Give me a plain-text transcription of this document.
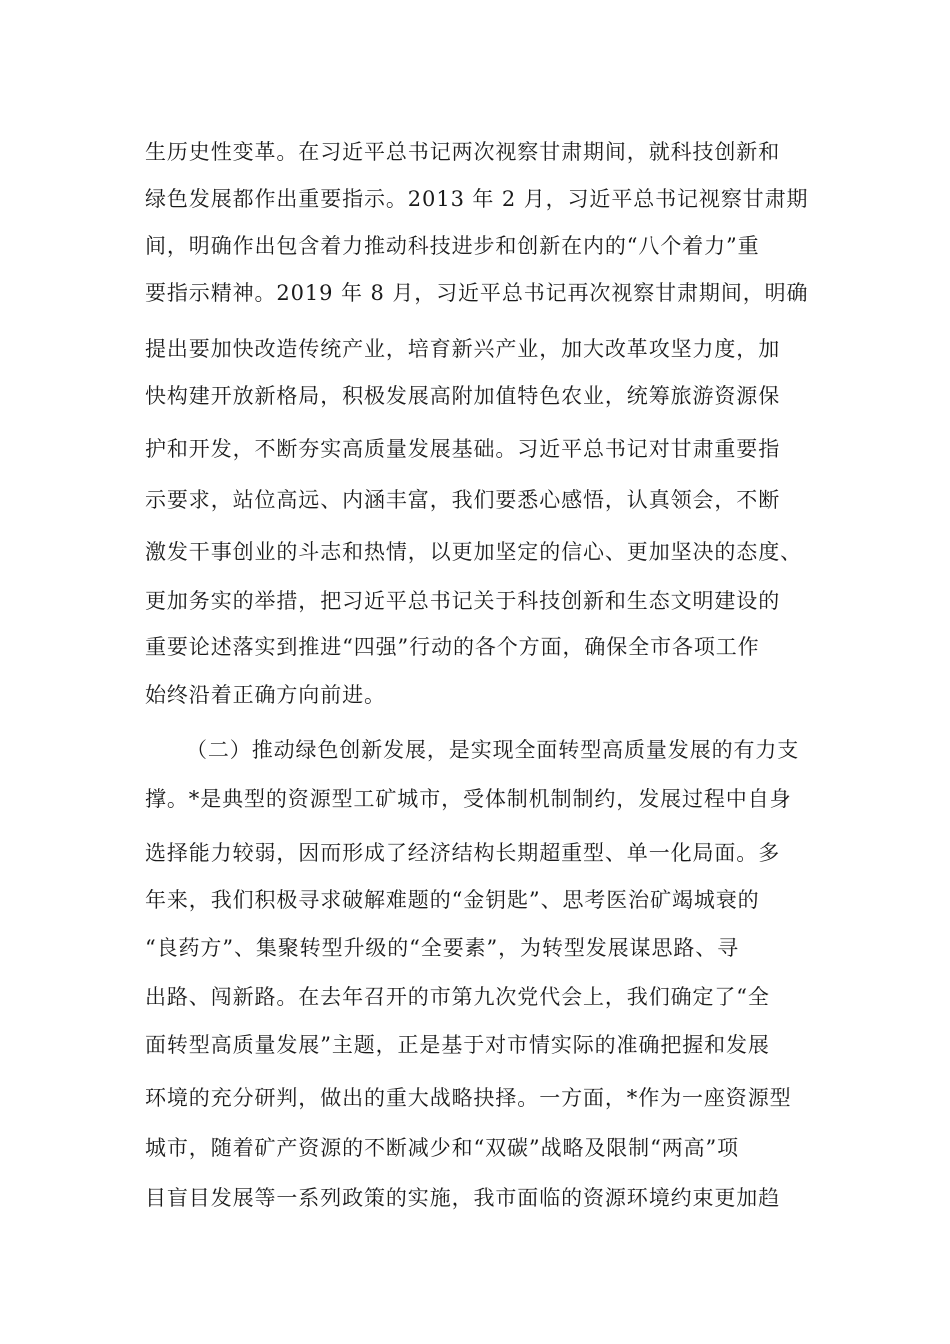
生历史性变革。在习近平总书记两次视察甘肃期间，就科技创新和
绿色发展都作出重要指示。2013 年 2 月，习近平总书记视察甘肃期
间，明确作出包含着力推动科技进步和创新在内的“八个着力”重
要指示精神。2019 年 8 月，习近平总书记再次视察甘肃期间，明确
提出要加快改造传统产业，培育新兴产业，加大改革攻坚力度，加
快构建开放新格局，积极发展高附加值特色农业，统筹旅游资源保
护和开发，不断夯实高质量发展基础。习近平总书记对甘肃重要指
示要求，站位高远、内涵丰富，我们要悉心感悟，认真领会，不断
激发干事创业的斗志和热情，以更加坚定的信心、更加坚决的态度、
更加务实的举措，把习近平总书记关于科技创新和生态文明建设的
重要论述落实到推进“四强”行动的各个方面，确保全市各项工作
始终沿着正确方向前进。
（二）推动绿色创新发展，是实现全面转型高质量发展的有力支
撑。*是典型的资源型工矿城市，受体制机制制约，发展过程中自身
选择能力较弱，因而形成了经济结构长期超重型、单一化局面。多
年来，我们积极寻求破解难题的“金钥匙”、思考医治矿竭城衰的
“良药方”、集聚转型升级的“全要素”，为转型发展谋思路、寻
出路、闯新路。在去年召开的市第九次党代会上，我们确定了“全
面转型高质量发展”主题，正是基于对市情实际的准确把握和发展
环境的充分研判，做出的重大战略抉择。一方面，*作为一座资源型
城市，随着矿产资源的不断减少和“双碳”战略及限制“两高”项
目盲目发展等一系列政策的实施，我市面临的资源环境约束更加趋
